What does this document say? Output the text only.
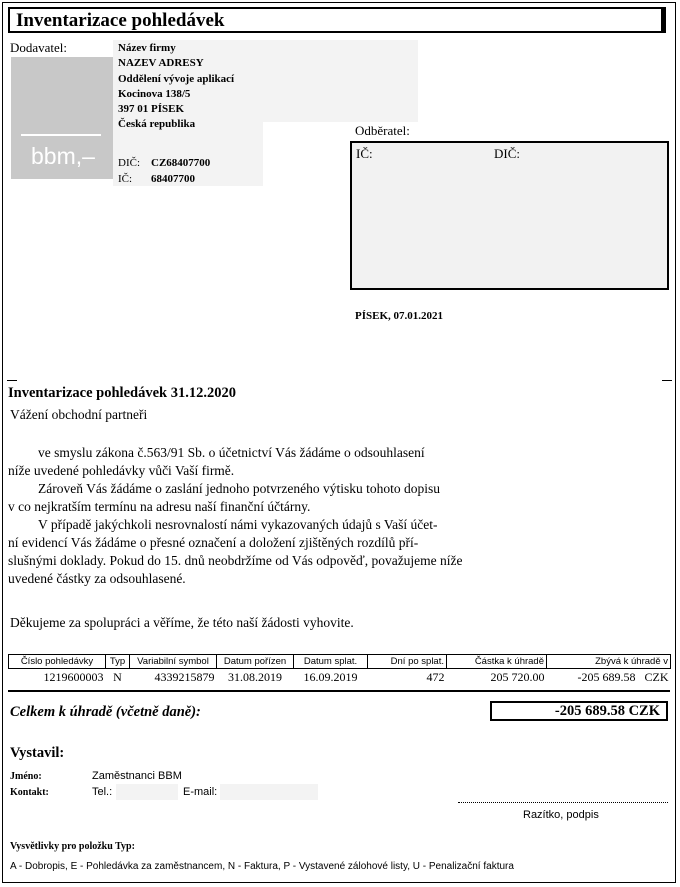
Inventarizace pohledávek
Dodavatel:
bbm,–
Název firmy
NAZEV ADRESY
Oddělení vývoje aplikací
Kocinova 138/5
397 01 PÍSEK
Česká republika
DIČ: CZ68407700
IČ: 68407700
Odběratel:
IČ:	DIČ:
PÍSEK, 07.01.2021
Inventarizace pohledávek 31.12.2020
Vážení obchodní partneři
ve smyslu zákona č.563/91 Sb. o účetnictví Vás žádáme o odsouhlasení
níže uvedené pohledávky vůči Vaší firmě.
Zároveň Vás žádáme o zaslání jednoho potvrzeného výtisku tohoto dopisu
v co nejkratším termínu na adresu naší finanční účtárny.
V případě jakýchkoli nesrovnalostí námi vykazovaných údajů s Vaší účet-
ní evidencí Vás žádáme o přesné označení a doložení zjištěných rozdílů pří-
slušnými doklady. Pokud do 15. dnů neobdržíme od Vás odpověď, považujeme níže
uvedené částky za odsouhlasené.
Děkujeme za spolupráci a věříme, že této naší žádosti vyhovite.
Číslo pohledávky	Typ	Variabilní symbol	Datum pořízen	Datum splat.	Dní po splat.	Částka k úhradě	Zbývá k úhradě v
1219600003	N	4339215879	31.08.2019	16.09.2019	472	205 720.00	-205 689.58 CZK
Celkem k úhradě (včetně daně):	-205 689.58 CZK
Vystavil:
Jméno:	Zaměstnanci BBM
Kontakt:	Tel.:	E-mail:
Razítko, podpis
Vysvětlivky pro položku Typ:
A - Dobropis, E - Pohledávka za zaměstnancem, N - Faktura, P - Vystavené zálohové listy, U - Penalizační faktura
